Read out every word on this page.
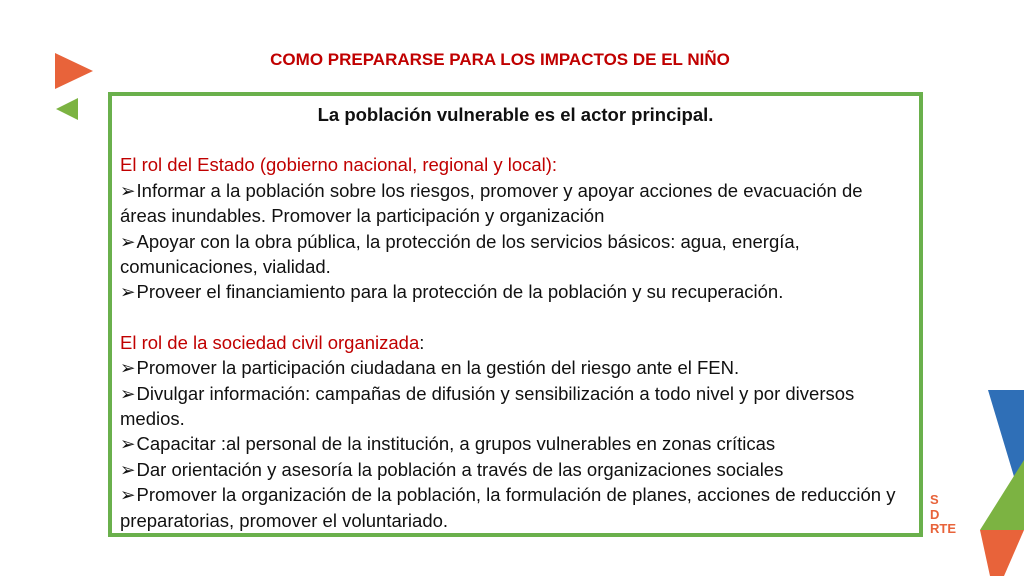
S
D
RTE
COMO PREPARARSE PARA LOS IMPACTOS DE EL NIÑO
La población vulnerable es el actor principal.
El rol del Estado (gobierno nacional, regional y local):
➢ Informar a la población sobre los riesgos, promover y apoyar acciones de evacuación de áreas inundables. Promover la participación y organización
➢ Apoyar con la obra pública, la protección de los servicios básicos: agua, energía, comunicaciones, vialidad.
➢ Proveer el financiamiento para la protección de la población y su recuperación.
El rol de la sociedad civil organizada:
➢ Promover la participación ciudadana en la gestión del riesgo ante el FEN.
➢ Divulgar información: campañas de difusión y sensibilización a todo nivel y por diversos medios.
➢ Capacitar :al personal de la institución, a grupos vulnerables en zonas críticas
➢ Dar orientación y asesoría la población a través de las organizaciones sociales
➢ Promover la organización de la población, la formulación de planes, acciones de reducción y preparatorias, promover el voluntariado.
